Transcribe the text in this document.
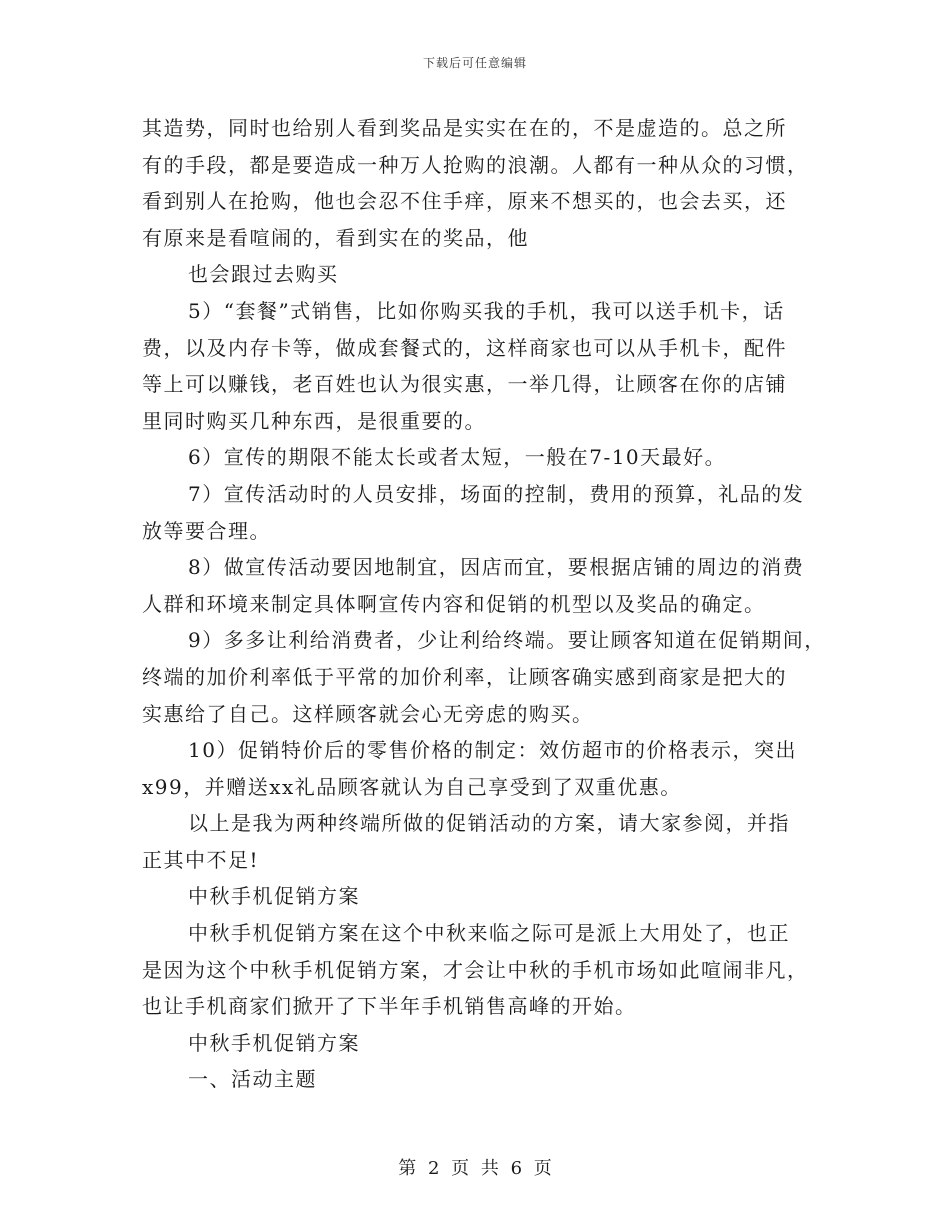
下载后可任意编辑
其造势，同时也给别人看到奖品是实实在在的，不是虚造的。总之所
有的手段，都是要造成一种万人抢购的浪潮。人都有一种从众的习惯，
看到别人在抢购，他也会忍不住手痒，原来不想买的，也会去买，还
有原来是看喧闹的，看到实在的奖品，他
也会跟过去购买
5）“套餐”式销售，比如你购买我的手机，我可以送手机卡，话
费，以及内存卡等，做成套餐式的，这样商家也可以从手机卡，配件
等上可以赚钱，老百姓也认为很实惠，一举几得，让顾客在你的店铺
里同时购买几种东西，是很重要的。
6）宣传的期限不能太长或者太短，一般在7-10天最好。
7）宣传活动时的人员安排，场面的控制，费用的预算，礼品的发
放等要合理。
8）做宣传活动要因地制宜，因店而宜，要根据店铺的周边的消费
人群和环境来制定具体啊宣传内容和促销的机型以及奖品的确定。
9）多多让利给消费者，少让利给终端。要让顾客知道在促销期间，
终端的加价利率低于平常的加价利率，让顾客确实感到商家是把大的
实惠给了自己。这样顾客就会心无旁虑的购买。
10）促销特价后的零售价格的制定：效仿超市的价格表示，突出
x99，并赠送xx礼品顾客就认为自己享受到了双重优惠。
以上是我为两种终端所做的促销活动的方案，请大家参阅，并指
正其中不足!
中秋手机促销方案
中秋手机促销方案在这个中秋来临之际可是派上大用处了，也正
是因为这个中秋手机促销方案，才会让中秋的手机市场如此喧闹非凡，
也让手机商家们掀开了下半年手机销售高峰的开始。
中秋手机促销方案
一、活动主题
第 2 页 共 6 页
